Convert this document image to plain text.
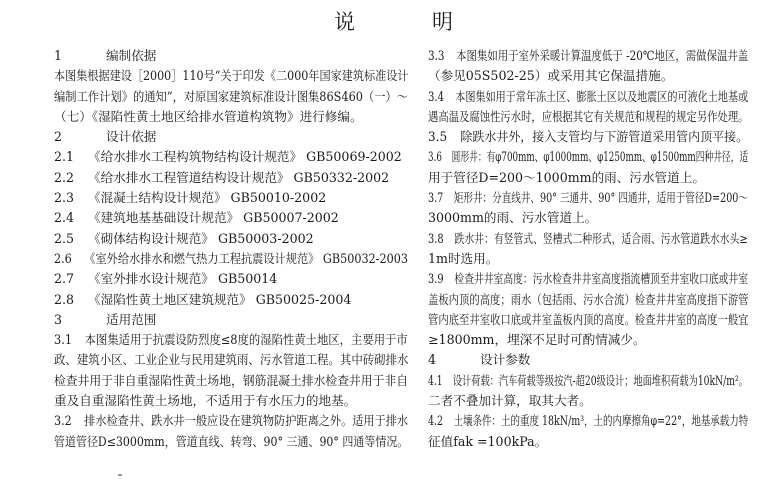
说	明
1	编制依据
本图集根据建设［2000］110号“关于印发《二000年国家建筑标准设计
编制工作计划》的通知”，对原国家建筑标准设计图集86S460（一）～
（七）《湿陷性黄土地区给排水管道构筑物》进行修编。
2	设计依据
2.1 《给水排水工程构筑物结构设计规范》 GB50069-2002
2.2 《给水排水工程管道结构设计规范》 GB50332-2002
2.3 《混凝土结构设计规范》 GB50010-2002
2.4 《建筑地基基础设计规范》 GB50007-2002
2.5 《砌体结构设计规范》 GB50003-2002
2.6 《室外给水排水和燃气热力工程抗震设计规范》 GB50032-2003
2.7 《室外排水设计规范》 GB50014
2.8 《湿陷性黄土地区建筑规范》 GB50025-2004
3	适用范围
3.1 本图集适用于抗震设防烈度≤8度的湿陷性黄土地区，主要用于市
政、建筑小区、工业企业与民用建筑雨、污水管道工程。其中砖砌排水
检查井用于非自重湿陷性黄土场地，钢筋混凝土排水检查井用于非自
重及自重湿陷性黄土场地，不适用于有水压力的地基。
3.2 排水检查井、跌水井一般应设在建筑物防护距离之外。适用于排水
管道管径D≤3000mm，管道直线、转弯、90° 三通、90° 四通等情况。
3.3 本图集如用于室外采暖计算温度低于 -20℃地区，需做保温井盖
（参见05S502-25）或采用其它保温措施。
3.4 本图集如用于常年冻土区、膨胀土区以及地震区的可液化土地基或
遇高温及腐蚀性污水时，应根据其它有关规范和规程的规定另作处理。
3.5 除跌水井外，接入支管均与下游管道采用管内顶平接。
3.6 圆形井：有φ700mm、φ1000mm、φ1250mm、φ1500mm四种井径，适
用于管径D=200～1000mm的雨、污水管道上。
3.7 矩形井：分直线井、90° 三通井、90° 四通井，适用于管径D=200～
3000mm的雨、污水管道上。
3.8 跌水井：有竖管式、竖槽式二种形式，适合雨、污水管道跌水水头≥
1m时选用。
3.9 检查井井室高度：污水检查井井室高度指流槽顶至井室收口底或井室
盖板内顶的高度；雨水（包括雨、污水合流）检查井井室高度指下游管
管内底至井室收口底或井室盖板内顶的高度。检查井井室的高度一般宜
≥1800mm，埋深不足时可酌情减少。
4	设计参数
4.1 设计荷载：汽车荷载等级按汽-超20级设计；地面堆积荷载为10kN/m²。
二者不叠加计算，取其大者。
4.2 土壤条件：土的重度 18kN/m³，土的内摩擦角φ=22°，地基承载力特
征值fak =100kPa。
